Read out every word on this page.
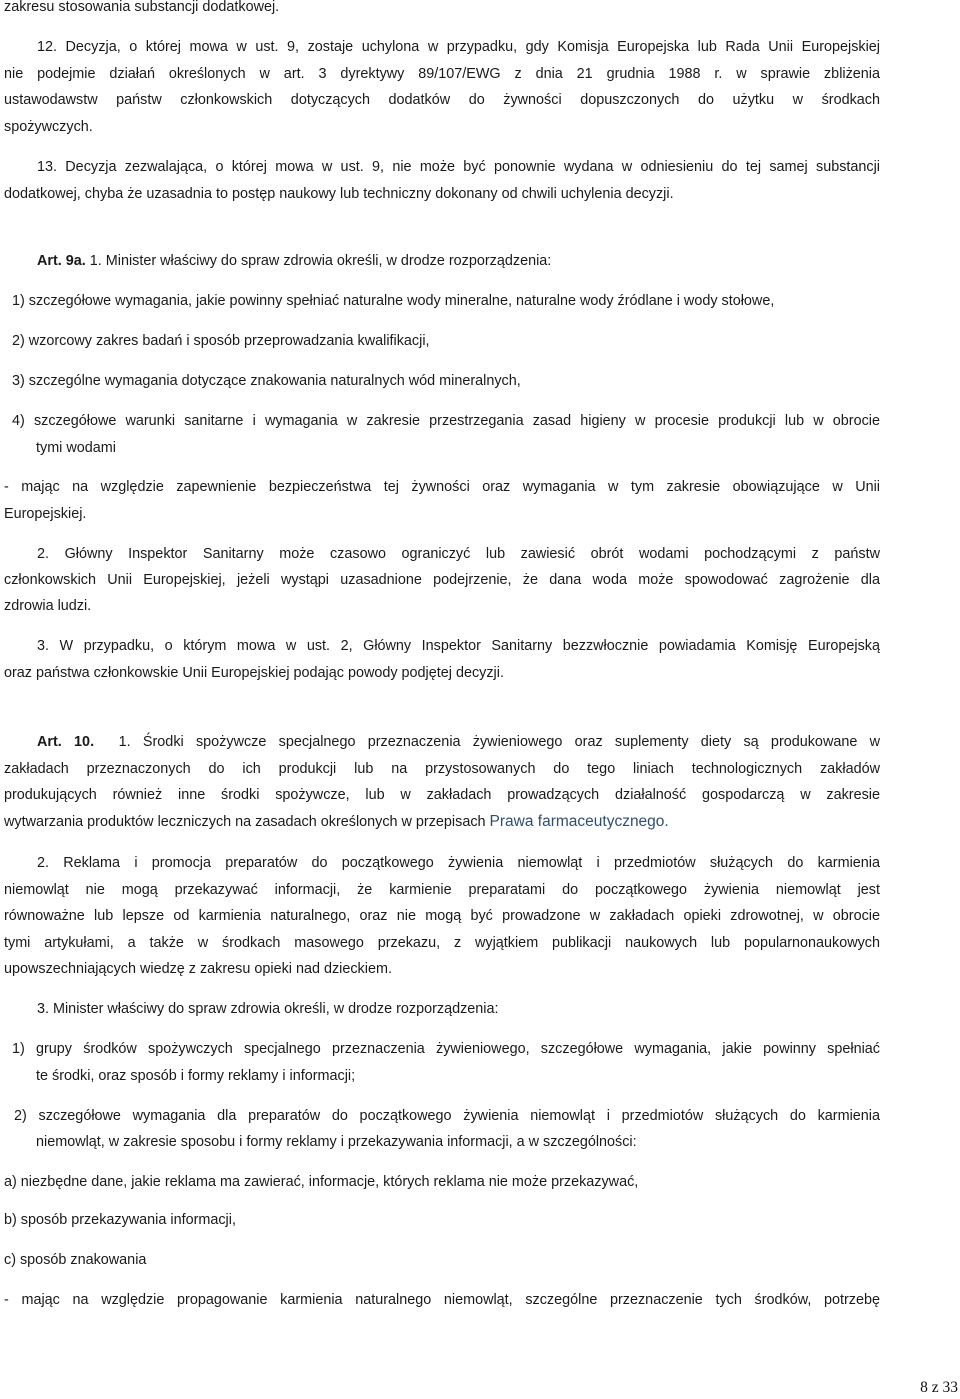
zakresu stosowania substancji dodatkowej.
12. Decyzja, o której mowa w ust. 9, zostaje uchylona w przypadku, gdy Komisja Europejska lub Rada Unii Europejskiej
nie podejmie działań określonych w art. 3 dyrektywy 89/107/EWG z dnia 21 grudnia 1988 r. w sprawie zbliżenia
ustawodawstw państw członkowskich dotyczących dodatków do żywności dopuszczonych do użytku w środkach
spożywczych.
13. Decyzja zezwalająca, o której mowa w ust. 9, nie może być ponownie wydana w odniesieniu do tej samej substancji
dodatkowej, chyba że uzasadnia to postęp naukowy lub techniczny dokonany od chwili uchylenia decyzji.
Art. 9a. 1. Minister właściwy do spraw zdrowia określi, w drodze rozporządzenia:
1) szczegółowe wymagania, jakie powinny spełniać naturalne wody mineralne, naturalne wody źródlane i wody stołowe,
2) wzorcowy zakres badań i sposób przeprowadzania kwalifikacji,
3) szczególne wymagania dotyczące znakowania naturalnych wód mineralnych,
4) szczegółowe warunki sanitarne i wymagania w zakresie przestrzegania zasad higieny w procesie produkcji lub w obrocie
tymi wodami
- mając na względzie zapewnienie bezpieczeństwa tej żywności oraz wymagania w tym zakresie obowiązujące w Unii
Europejskiej.
2. Główny Inspektor Sanitarny może czasowo ograniczyć lub zawiesić obrót wodami pochodzącymi z państw
członkowskich Unii Europejskiej, jeżeli wystąpi uzasadnione podejrzenie, że dana woda może spowodować zagrożenie dla
zdrowia ludzi.
3. W przypadku, o którym mowa w ust. 2, Główny Inspektor Sanitarny bezzwłocznie powiadamia Komisję Europejską
oraz państwa członkowskie Unii Europejskiej podając powody podjętej decyzji.
Art. 10. 1. Środki spożywcze specjalnego przeznaczenia żywieniowego oraz suplementy diety są produkowane w
zakładach przeznaczonych do ich produkcji lub na przystosowanych do tego liniach technologicznych zakładów
produkujących również inne środki spożywcze, lub w zakładach prowadzących działalność gospodarczą w zakresie
wytwarzania produktów leczniczych na zasadach określonych w przepisach Prawa farmaceutycznego.
2. Reklama i promocja preparatów do początkowego żywienia niemowląt i przedmiotów służących do karmienia
niemowląt nie mogą przekazywać informacji, że karmienie preparatami do początkowego żywienia niemowląt jest
równoważne lub lepsze od karmienia naturalnego, oraz nie mogą być prowadzone w zakładach opieki zdrowotnej, w obrocie
tymi artykułami, a także w środkach masowego przekazu, z wyjątkiem publikacji naukowych lub popularnonaukowych
upowszechniających wiedzę z zakresu opieki nad dzieckiem.
3. Minister właściwy do spraw zdrowia określi, w drodze rozporządzenia:
1) grupy środków spożywczych specjalnego przeznaczenia żywieniowego, szczegółowe wymagania, jakie powinny spełniać
te środki, oraz sposób i formy reklamy i informacji;
2) szczegółowe wymagania dla preparatów do początkowego żywienia niemowląt i przedmiotów służących do karmienia
niemowląt, w zakresie sposobu i formy reklamy i przekazywania informacji, a w szczególności:
a) niezbędne dane, jakie reklama ma zawierać, informacje, których reklama nie może przekazywać,
b) sposób przekazywania informacji,
c) sposób znakowania
- mając na względzie propagowanie karmienia naturalnego niemowląt, szczególne przeznaczenie tych środków, potrzebę
8 z 33
